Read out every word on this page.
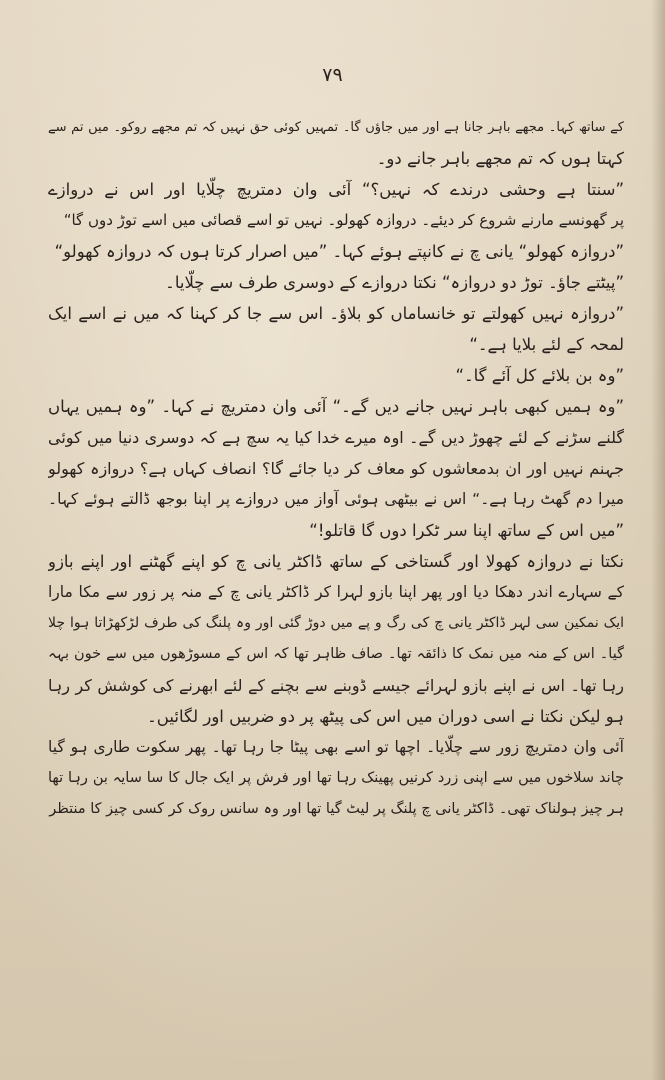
۷۹
کے ساتھ کہا۔ مجھے باہر جانا ہے اور میں جاؤں گا۔ تمہیں کوئی حق نہیں کہ تم مجھے روکو۔ میں تم سے
کہتا ہوں کہ تم مجھے باہر جانے دو۔
”سنتا ہے وحشی درندے کہ نہیں؟“ آئی وان دمتریچ چلّایا اور اس نے دروازے
پر گھونسے مارنے شروع کر دیئے۔ دروازہ کھولو۔ نہیں تو اسے قصائی میں اسے توڑ دوں گا“
”دروازہ کھولو“ یانی چ نے کانپتے ہوئے کہا۔ ”میں اصرار کرتا ہوں کہ دروازہ کھولو“
”پیٹتے جاؤ۔ توڑ دو دروازہ“ نکتا دروازے کے دوسری طرف سے چلّایا۔
”دروازہ نہیں کھولتے تو خانساماں کو بلاؤ۔ اس سے جا کر کہنا کہ میں نے اسے ایک
لمحہ کے لئے بلایا ہے۔“
”وہ بن بلائے کل آئے گا۔“
”وہ ہمیں کبھی باہر نہیں جانے دیں گے۔“ آئی وان دمتریچ نے کہا۔ ”وہ ہمیں یہاں
گلنے سڑنے کے لئے چھوڑ دیں گے۔ اوہ میرے خدا کیا یہ سچ ہے کہ دوسری دنیا میں کوئی
جہنم نہیں اور ان بدمعاشوں کو معاف کر دیا جائے گا؟ انصاف کہاں ہے؟ دروازہ کھولو
میرا دم گھٹ رہا ہے۔“ اس نے بیٹھی ہوئی آواز میں دروازے پر اپنا بوجھ ڈالتے ہوئے کہا۔
”میں اس کے ساتھ اپنا سر ٹکرا دوں گا قاتلو!“
نکتا نے دروازہ کھولا اور گستاخی کے ساتھ ڈاکٹر یانی چ کو اپنے گھٹنے اور اپنے بازو
کے سہارے اندر دھکا دیا اور پھر اپنا بازو لہرا کر ڈاکٹر یانی چ کے منہ پر زور سے مکا مارا
ایک نمکین سی لہر ڈاکٹر یانی چ کی رگ و پے میں دوڑ گئی اور وہ پلنگ کی طرف لڑکھڑاتا ہوا چلا
گیا۔ اس کے منہ میں نمک کا ذائقہ تھا۔ صاف ظاہر تھا کہ اس کے مسوڑھوں میں سے خون بہہ
رہا تھا۔ اس نے اپنے بازو لہرائے جیسے ڈوبنے سے بچنے کے لئے ابھرنے کی کوشش کر رہا
ہو لیکن نکتا نے اسی دوران میں اس کی پیٹھ پر دو ضربیں اور لگائیں۔
آئی وان دمتریچ زور سے چلّایا۔ اچھا تو اسے بھی پیٹا جا رہا تھا۔ پھر سکوت طاری ہو گیا
چاند سلاخوں میں سے اپنی زرد کرنیں پھینک رہا تھا اور فرش پر ایک جال کا سا سایہ بن رہا تھا
ہر چیز ہولناک تھی۔ ڈاکٹر یانی چ پلنگ پر لیٹ گیا تھا اور وہ سانس روک کر کسی چیز کا منتظر
